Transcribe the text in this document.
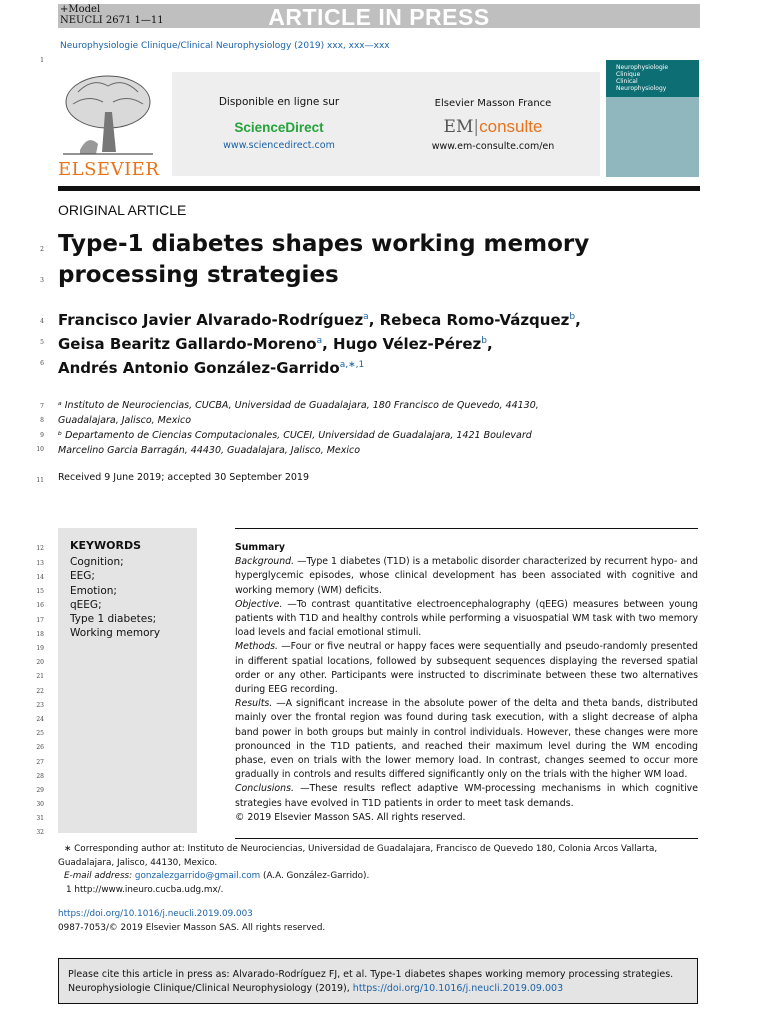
ARTICLE IN PRESS
+Model
NEUCLI 2671 1—11
Neurophysiologie Clinique/Clinical Neurophysiology (2019) xxx, xxx—xxx
1
2
3
4
5
6
7
8
9
10
11
12
13
14
15
16
17
18
19
20
21
22
23
24
25
26
27
28
29
30
31
32
ELSEVIER
Disponible en ligne sur
ScienceDirect
www.sciencedirect.com
Elsevier Masson France
EM|consulte
www.em-consulte.com/en
Neurophysiologie
Clinique
Clinical
Neurophysiology
ORIGINAL ARTICLE
Type-1 diabetes shapes working memory
processing strategies
Francisco Javier Alvarado-Rodríguez$^a$, Rebeca Romo-Vázquez$^b$,
Geisa Bearitz Gallardo-Moreno$^a$, Hugo Vélez-Pérez$^b$,
Andrés Antonio González-Garrido$^{a,∗,1}$
ᵃ Instituto de Neurociencias, CUCBA, Universidad de Guadalajara, 180 Francisco de Quevedo, 44130,
Guadalajara, Jalisco, Mexico
ᵇ Departamento de Ciencias Computacionales, CUCEI, Universidad de Guadalajara, 1421 Boulevard
Marcelino Garcia Barragán, 44430, Guadalajara, Jalisco, Mexico
Received 9 June 2019; accepted 30 September 2019
KEYWORDS
Cognition;
EEG;
Emotion;
qEEG;
Type 1 diabetes;
Working memory
Summary
Background. —Type 1 diabetes (T1D) is a metabolic disorder characterized by recurrent hypo- and hyperglycemic episodes, whose clinical development has been associated with cognitive and working memory (WM) deficits.
Objective. —To contrast quantitative electroencephalography (qEEG) measures between young patients with T1D and healthy controls while performing a visuospatial WM task with two memory load levels and facial emotional stimuli.
Methods. —Four or five neutral or happy faces were sequentially and pseudo-randomly presented in different spatial locations, followed by subsequent sequences displaying the reversed spatial order or any other. Participants were instructed to discriminate between these two alternatives during EEG recording.
Results. —A significant increase in the absolute power of the delta and theta bands, distributed mainly over the frontal region was found during task execution, with a slight decrease of alpha band power in both groups but mainly in control individuals. However, these changes were more pronounced in the T1D patients, and reached their maximum level during the WM encoding phase, even on trials with the lower memory load. In contrast, changes seemed to occur more gradually in controls and results differed significantly only on the trials with the higher WM load.
Conclusions. —These results reflect adaptive WM-processing mechanisms in which cognitive strategies have evolved in T1D patients in order to meet task demands.
© 2019 Elsevier Masson SAS. All rights reserved.
∗ Corresponding author at: Instituto de Neurociencias, Universidad de Guadalajara, Francisco de Quevedo 180, Colonia Arcos Vallarta, Guadalajara, Jalisco, 44130, Mexico.
E-mail address: gonzalezgarrido@gmail.com (A.A. González-Garrido).
1 http://www.ineuro.cucba.udg.mx/.
https://doi.org/10.1016/j.neucli.2019.09.003
0987-7053/© 2019 Elsevier Masson SAS. All rights reserved.
Please cite this article in press as: Alvarado-Rodríguez FJ, et al. Type-1 diabetes shapes working memory processing strategies. Neurophysiologie Clinique/Clinical Neurophysiology (2019), https://doi.org/10.1016/j.neucli.2019.09.003
